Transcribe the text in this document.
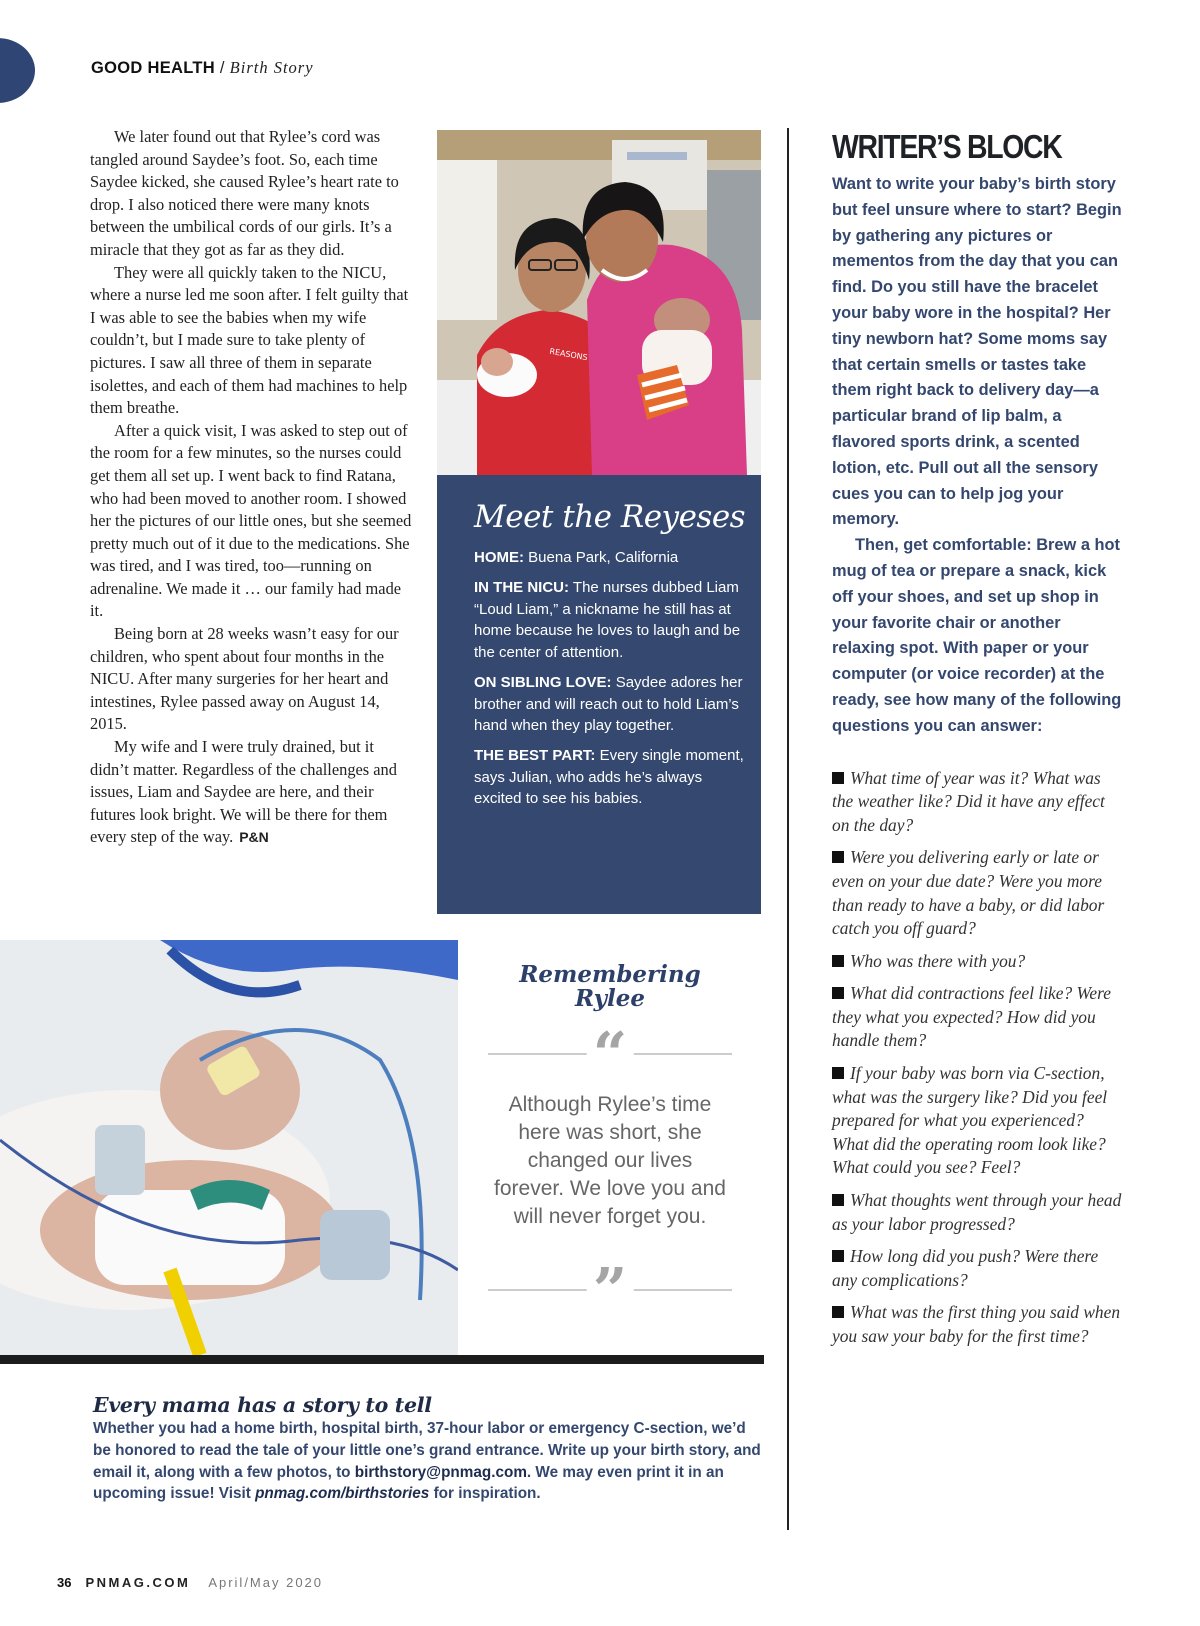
GOOD HEALTH / Birth Story

We later found out that Rylee’s cord was tangled around Saydee’s foot. So, each time Saydee kicked, she caused Rylee’s heart rate to drop. I also noticed there were many knots between the umbilical cords of our girls. It’s a miracle that they got as far as they did.

They were all quickly taken to the NICU, where a nurse led me soon after. I felt guilty that I was able to see the babies when my wife couldn’t, but I made sure to take plenty of pictures. I saw all three of them in separate isolettes, and each of them had machines to help them breathe.

After a quick visit, I was asked to step out of the room for a few minutes, so the nurses could get them all set up. I went back to find Ratana, who had been moved to another room. I showed her the pictures of our little ones, but she seemed pretty much out of it due to the medications. She was tired, and I was tired, too—running on adrenaline. We made it … our family had made it.

Being born at 28 weeks wasn’t easy for our children, who spent about four months in the NICU. After many surgeries for her heart and intestines, Rylee passed away on August 14, 2015.

My wife and I were truly drained, but it didn’t matter. Regardless of the challenges and issues, Liam and Saydee are here, and their futures look bright. We will be there for them every step of the way. P&N

REASONS
Meet the Reyeses
HOME: Buena Park, California
IN THE NICU: The nurses dubbed Liam “Loud Liam,” a nickname he still has at home because he loves to laugh and be the center of attention.
ON SIBLING LOVE: Saydee adores her brother and will reach out to hold Liam’s hand when they play together.
THE BEST PART: Every single moment, says Julian, who adds he’s always excited to see his babies.
WRITER’S BLOCK

Want to write your baby’s birth story but feel unsure where to start? Begin by gathering any pictures or mementos from the day that you can find. Do you still have the bracelet your baby wore in the hospital? Her tiny newborn hat? Some moms say that certain smells or tastes take them right back to delivery day—a particular brand of lip balm, a flavored sports drink, a scented lotion, etc. Pull out all the sensory cues you can to help jog your memory.

Then, get comfortable: Brew a hot mug of tea or prepare a snack, kick off your shoes, and set up shop in your favorite chair or another relaxing spot. With paper or your computer (or voice recorder) at the ready, see how many of the following questions you can answer:

What time of year was it? What was the weather like? Did it have any effect on the day?
Were you delivering early or late or even on your due date? Were you more than ready to have a baby, or did labor catch you off guard?
Who was there with you?
What did contractions feel like? Were they what you expected? How did you handle them?
If your baby was born via C-section, what was the surgery like? Did you feel prepared for what you experienced? What did the operating room look like? What could you see? Feel?
What thoughts went through your head as your labor progressed?
How long did you push? Were there any complications?
What was the first thing you said when you saw your baby for the first time?
Remembering
Rylee
“
Although Rylee’s time here was short, she changed our lives forever. We love you and will never forget you.
”
Every mama has a story to tell
Whether you had a home birth, hospital birth, 37-hour labor or emergency C-section, we’d be honored to read the tale of your little one’s grand entrance. Write up your birth story, and email it, along with a few photos, to birthstory@pnmag.com. We may even print it in an upcoming issue! Visit pnmag.com/birthstories for inspiration.
36 PNMAG.COM April/May 2020
